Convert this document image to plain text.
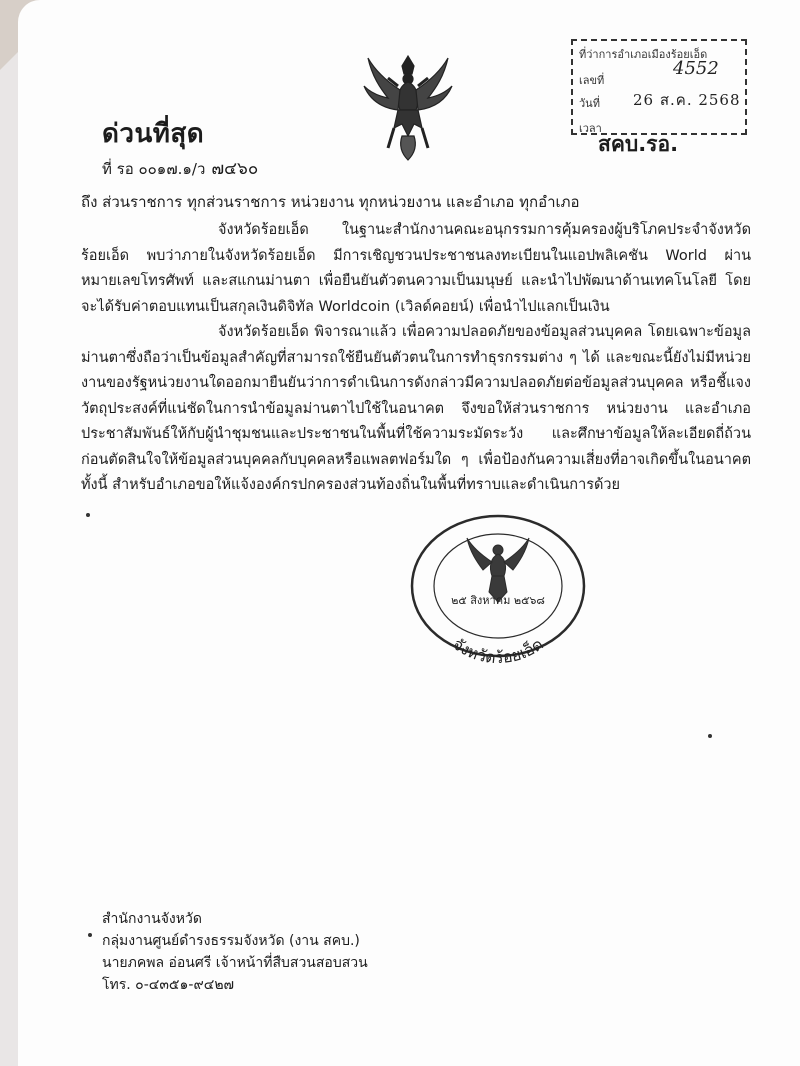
ด่วนที่สุด
ที่ รอ ๐๐๑๗.๑/ว ๗๔๖๐
ที่ว่าการอำเภอเมืองร้อยเอ็ด
เลขที่
วันที่
เวลา
4552
26 ส.ค. 2568
สคบ.รอ.
ถึง ส่วนราชการ ทุกส่วนราชการ หน่วยงาน ทุกหน่วยงาน และอำเภอ ทุกอำเภอ
จังหวัดร้อยเอ็ด ในฐานะสำนักงานคณะอนุกรรมการคุ้มครองผู้บริโภคประจำจังหวัดร้อยเอ็ด พบว่าภายในจังหวัดร้อยเอ็ด มีการเชิญชวนประชาชนลงทะเบียนในแอปพลิเคชัน World ผ่านหมายเลขโทรศัพท์ และสแกนม่านตา เพื่อยืนยันตัวตนความเป็นมนุษย์ และนำไปพัฒนาด้านเทคโนโลยี โดยจะได้รับค่าตอบแทนเป็นสกุลเงินดิจิทัล Worldcoin (เวิลด์คอยน์) เพื่อนำไปแลกเป็นเงิน
จังหวัดร้อยเอ็ด พิจารณาแล้ว เพื่อความปลอดภัยของข้อมูลส่วนบุคคล โดยเฉพาะข้อมูลม่านตาซึ่งถือว่าเป็นข้อมูลสำคัญที่สามารถใช้ยืนยันตัวตนในการทำธุรกรรมต่าง ๆ ได้ และขณะนี้ยังไม่มีหน่วยงานของรัฐหน่วยงานใดออกมายืนยันว่าการดำเนินการดังกล่าวมีความปลอดภัยต่อข้อมูลส่วนบุคคล หรือชี้แจงวัตถุประสงค์ที่แน่ชัดในการนำข้อมูลม่านตาไปใช้ในอนาคต จึงขอให้ส่วนราชการ หน่วยงาน และอำเภอ ประชาสัมพันธ์ให้กับผู้นำชุมชนและประชาชนในพื้นที่ใช้ความระมัดระวัง และศึกษาข้อมูลให้ละเอียดถี่ถ้วน ก่อนตัดสินใจให้ข้อมูลส่วนบุคคลกับบุคคลหรือแพลตฟอร์มใด ๆ เพื่อป้องกันความเสี่ยงที่อาจเกิดขึ้นในอนาคต ทั้งนี้ สำหรับอำเภอขอให้แจ้งองค์กรปกครองส่วนท้องถิ่นในพื้นที่ทราบและดำเนินการด้วย
๒๕ สิงหาคม ๒๕๖๘
จังหวัดร้อยเอ็ด
สำนักงานจังหวัด
กลุ่มงานศูนย์ดำรงธรรมจังหวัด (งาน สคบ.)
นายภคพล อ่อนศรี เจ้าหน้าที่สืบสวนสอบสวน
โทร. ๐-๔๓๕๑-๙๔๒๗
